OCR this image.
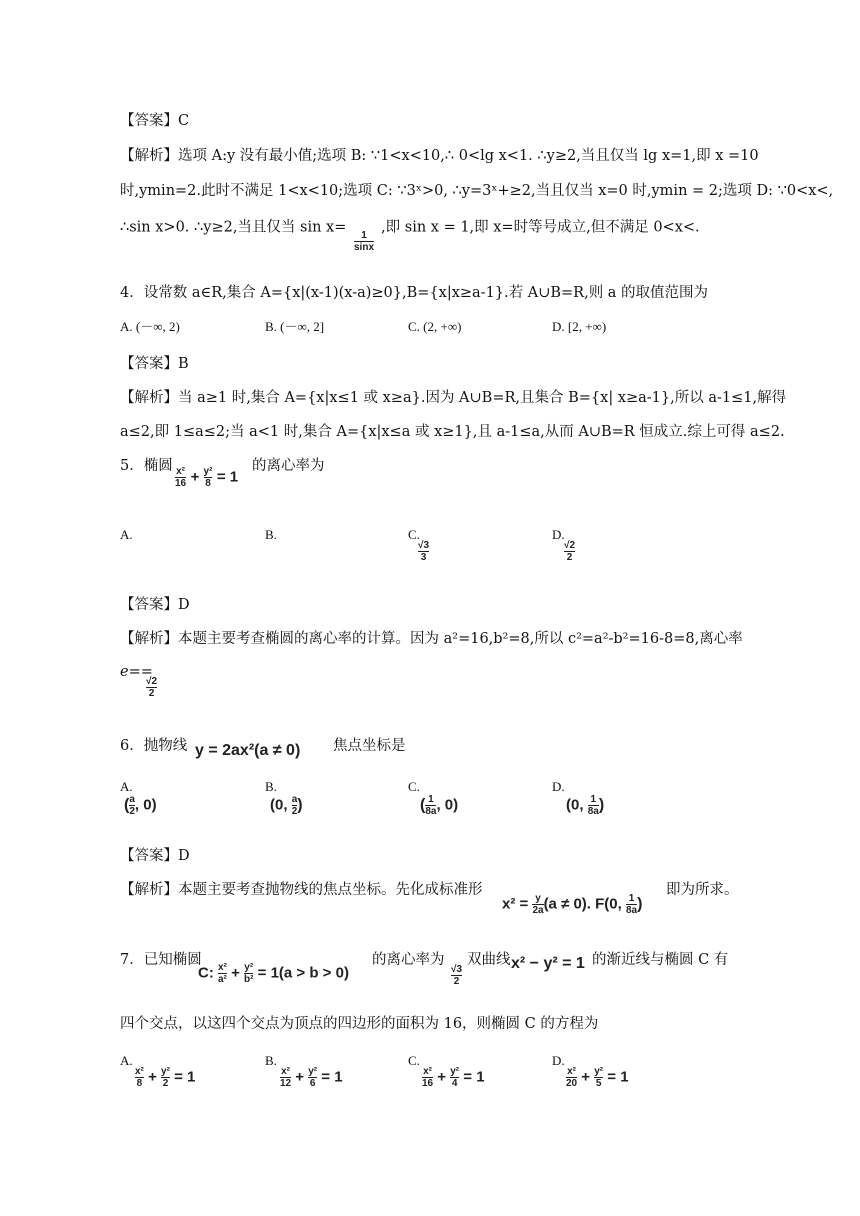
【答案】C
【解析】选项 A:y 没有最小值;选项 B: ∵1<x<10,∴ 0<lg x<1. ∴y≥2,当且仅当 lg x=1,即 x =10
时,ymin=2.此时不满足 1<x<10;选项 C: ∵3ˣ>0, ∴y=3ˣ+≥2,当且仅当 x=0 时,ymin = 2;选项 D: ∵0<x<,
∴sin x>0. ∴y≥2,当且仅当 sin x=
$\frac{1}{\sin x}$
,即 sin x = 1,即 x=时等号成立,但不满足 0<x<.
4．设常数 a∈R,集合 A={x|(x-1)(x-a)≥0},B={x|x≥a-1}.若 A∪B=R,则 a 的取值范围为
A. (－∞, 2)	B. (－∞, 2]	C. (2, +∞)	D. [2, +∞)
【答案】B
【解析】当 a≥1 时,集合 A={x|x≤1 或 x≥a}.因为 A∪B=R,且集合 B={x| x≥a-1},所以 a-1≤1,解得
a≤2,即 1≤a≤2;当 a<1 时,集合 A={x|x≤a 或 x≥1},且 a-1≤a,从而 A∪B=R 恒成立.综上可得 a≤2.
5．椭圆 $\frac{\text{x²}}{16} + \frac{\text{y²}}{8} = 1$
的离心率为
A.	B.	C.
$\frac{√3}{3}$
D.
$\frac{√2}{2}$
【答案】D
【解析】本题主要考查椭圆的离心率的计算。因为 a²=16,b²=8,所以 c²=a²-b²=16-8=8,离心率
e==
$\frac{√2}{2}$
6．抛物线 y = 2ax²(a ≠ 0) 焦点坐标是
A.
( $\frac{a}{2}$ , 0)
B.
(0, $\frac{a}{2}$ )
C.
( $\frac{1}{8a}$ , 0)
D.
(0, $\frac{1}{8a}$ )
【答案】D
【解析】本题主要考查抛物线的焦点坐标。先化成标准形
$x^2 = \frac{y}{2a} (a \ne 0)$. F(0, $\frac{1}{8a}$ )
即为所求。
7．已知椭圆
C: $\frac{\text{x²}}{\text{a²}} + \frac{\text{y²}}{\text{b²}} = 1(a > b > 0)$
的离心率为
$\frac{√3}{2}$
双曲线 x² − y² = 1 的渐近线与椭圆 C 有
四个交点，以这四个交点为顶点的四边形的面积为 16，则椭圆 C 的方程为
A.
$\frac{\text{x²}}{8} + \frac{\text{y²}}{2} = 1$
B.
$\frac{\text{x²}}{12} + \frac{\text{y²}}{6} = 1$
C.
$\frac{\text{x²}}{16} + \frac{\text{y²}}{4} = 1$
D.
$\frac{\text{x²}}{20} + \frac{\text{y²}}{5} = 1$
